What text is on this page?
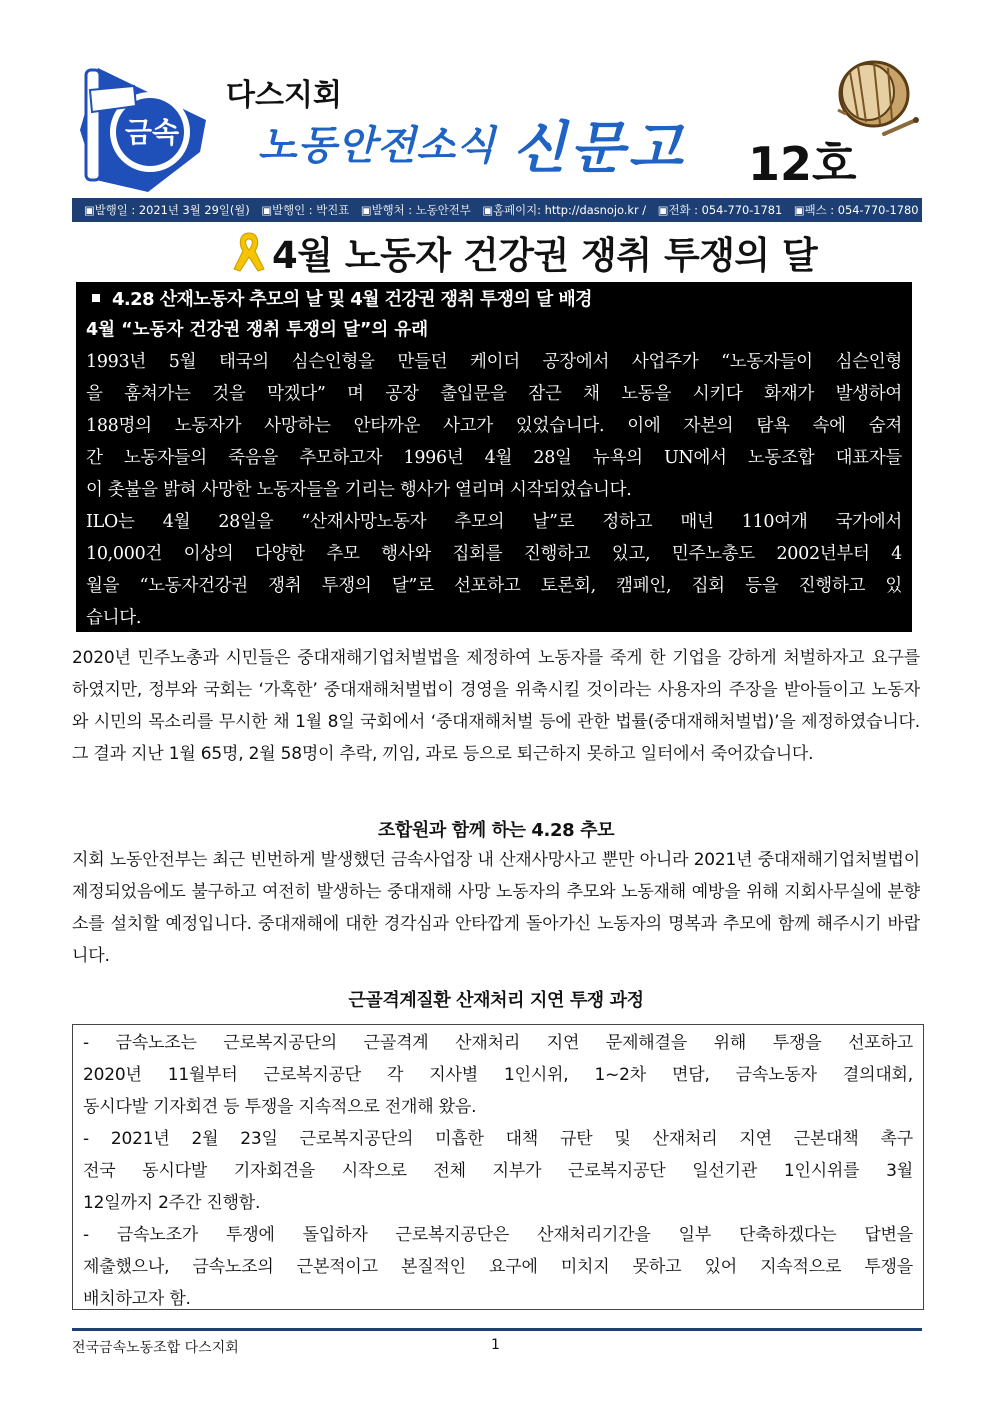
금속
다스지회
노동안전소식 신문고 12호
▣발행일 : 2021년 3월 29일(월) ▣발행인 : 박진표 ▣발행처 : 노동안전부 ▣홈페이지: http://dasnojo.kr / ▣전화 : 054-770-1781 ▣팩스 : 054-770-1780
4월 노동자 건강권 쟁취 투쟁의 달
4.28 산재노동자 추모의 날 및 4월 건강권 쟁취 투쟁의 달 배경
4월 “노동자 건강권 쟁취 투쟁의 달”의 유래
1993년 5월 태국의 심슨인형을 만들던 케이더 공장에서 사업주가 “노동자들이 심슨인형
을 훔쳐가는 것을 막겠다” 며 공장 출입문을 잠근 채 노동을 시키다 화재가 발생하여
188명의 노동자가 사망하는 안타까운 사고가 있었습니다. 이에 자본의 탐욕 속에 숨져
간 노동자들의 죽음을 추모하고자 1996년 4월 28일 뉴욕의 UN에서 노동조합 대표자들
이 촛불을 밝혀 사망한 노동자들을 기리는 행사가 열리며 시작되었습니다.
ILO는 4월 28일을 “산재사망노동자 추모의 날”로 정하고 매년 110여개 국가에서
10,000건 이상의 다양한 추모 행사와 집회를 진행하고 있고, 민주노총도 2002년부터 4
월을 “노동자건강권 쟁취 투쟁의 달”로 선포하고 토론회, 캠페인, 집회 등을 진행하고 있
습니다.
2020년 민주노총과 시민들은 중대재해기업처벌법을 제정하여 노동자를 죽게 한 기업을 강하게 처벌하자고 요구를 하였지만, 정부와 국회는 ‘가혹한’ 중대재해처벌법이 경영을 위축시킬 것이라는 사용자의 주장을 받아들이고 노동자와 시민의 목소리를 무시한 채 1월 8일 국회에서 ‘중대재해처벌 등에 관한 법률(중대재해처벌법)’을 제정하였습니다. 그 결과 지난 1월 65명, 2월 58명이 추락, 끼임, 과로 등으로 퇴근하지 못하고 일터에서 죽어갔습니다.
조합원과 함께 하는 4.28 추모
지회 노동안전부는 최근 빈번하게 발생했던 금속사업장 내 산재사망사고 뿐만 아니라 2021년 중대재해기업처벌법이 제정되었음에도 불구하고 여전히 발생하는 중대재해 사망 노동자의 추모와 노동재해 예방을 위해 지회사무실에 분향소를 설치할 예정입니다. 중대재해에 대한 경각심과 안타깝게 돌아가신 노동자의 명복과 추모에 함께 해주시기 바랍니다.
근골격계질환 산재처리 지연 투쟁 과정

- 금속노조는 근로복지공단의 근골격계 산재처리 지연 문제해결을 위해 투쟁을 선포하고

2020년 11월부터 근로복지공단 각 지사별 1인시위, 1~2차 면담, 금속노동자 결의대회,

동시다발 기자회견 등 투쟁을 지속적으로 전개해 왔음.

- 2021년 2월 23일 근로복지공단의 미흡한 대책 규탄 및 산재처리 지연 근본대책 촉구

전국 동시다발 기자회견을 시작으로 전체 지부가 근로복지공단 일선기관 1인시위를 3월

12일까지 2주간 진행함.

- 금속노조가 투쟁에 돌입하자 근로복지공단은 산재처리기간을 일부 단축하겠다는 답변을

제출했으나, 금속노조의 근본적이고 본질적인 요구에 미치지 못하고 있어 지속적으로 투쟁을

배치하고자 함.

전국금속노동조합 다스지회	1
